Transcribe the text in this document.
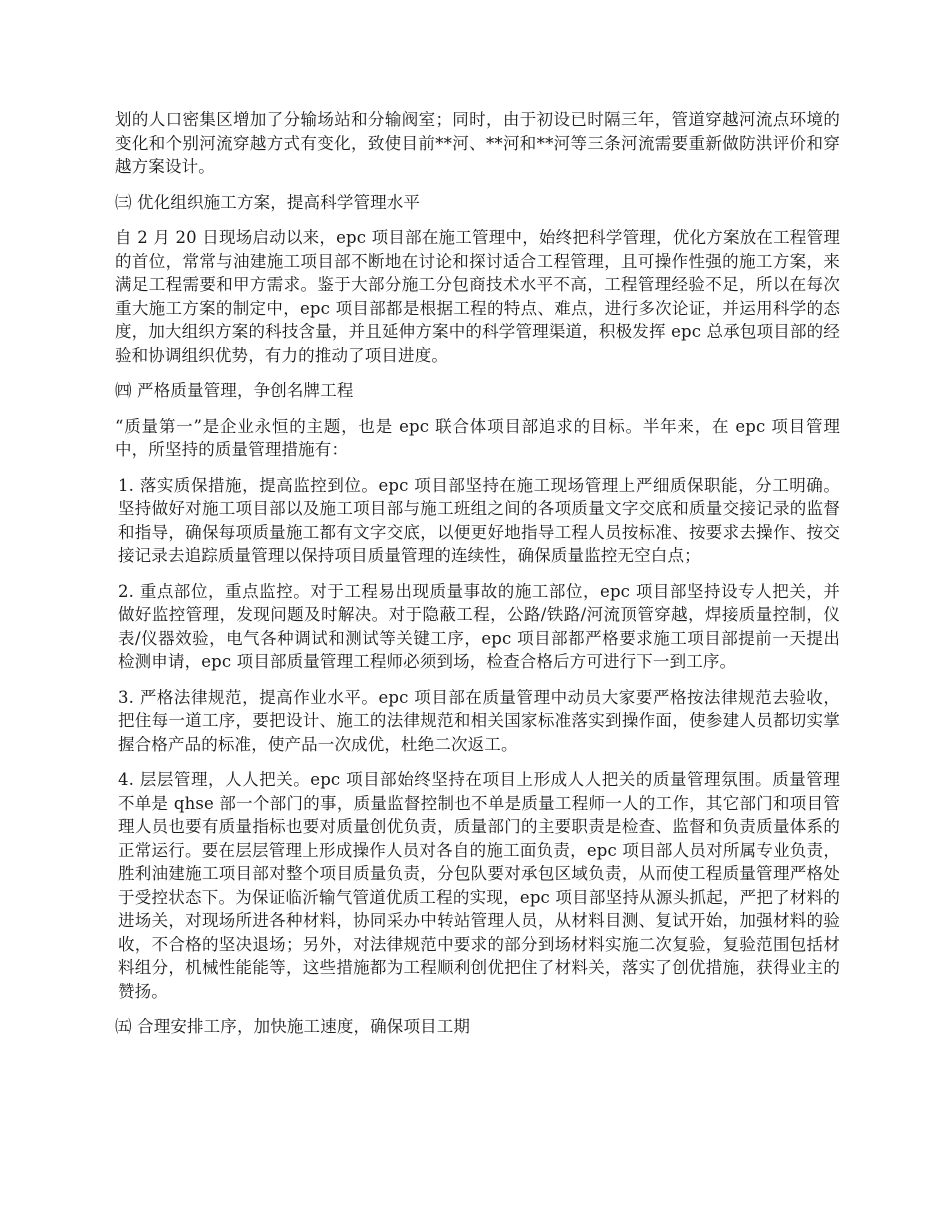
划的人口密集区增加了分输场站和分输阀室；同时，由于初设已时隔三年，管道穿越河流点环境的变化和个别河流穿越方式有变化，致使目前**河、**河和**河等三条河流需要重新做防洪评价和穿越方案设计。

㈢ 优化组织施工方案，提高科学管理水平

自 2 月 20 日现场启动以来，epc 项目部在施工管理中，始终把科学管理，优化方案放在工程管理的首位，常常与油建施工项目部不断地在讨论和探讨适合工程管理，且可操作性强的施工方案，来满足工程需要和甲方需求。鉴于大部分施工分包商技术水平不高，工程管理经验不足，所以在每次重大施工方案的制定中，epc 项目部都是根据工程的特点、难点，进行多次论证，并运用科学的态度，加大组织方案的科技含量，并且延伸方案中的科学管理渠道，积极发挥 epc 总承包项目部的经验和协调组织优势，有力的推动了项目进度。

㈣ 严格质量管理，争创名牌工程

“质量第一”是企业永恒的主题，也是 epc 联合体项目部追求的目标。半年来，在 epc 项目管理中，所坚持的质量管理措施有：

1. 落实质保措施，提高监控到位。epc 项目部坚持在施工现场管理上严细质保职能，分工明确。坚持做好对施工项目部以及施工项目部与施工班组之间的各项质量文字交底和质量交接记录的监督和指导，确保每项质量施工都有文字交底，以便更好地指导工程人员按标准、按要求去操作、按交接记录去追踪质量管理以保持项目质量管理的连续性，确保质量监控无空白点；

2. 重点部位，重点监控。对于工程易出现质量事故的施工部位，epc 项目部坚持设专人把关，并做好监控管理，发现问题及时解决。对于隐蔽工程，公路/铁路/河流顶管穿越，焊接质量控制，仪表/仪器效验，电气各种调试和测试等关键工序，epc 项目部都严格要求施工项目部提前一天提出检测申请，epc 项目部质量管理工程师必须到场，检查合格后方可进行下一到工序。

3. 严格法律规范，提高作业水平。epc 项目部在质量管理中动员大家要严格按法律规范去验收，把住每一道工序，要把设计、施工的法律规范和相关国家标准落实到操作面，使参建人员都切实掌握合格产品的标准，使产品一次成优，杜绝二次返工。

4. 层层管理，人人把关。epc 项目部始终坚持在项目上形成人人把关的质量管理氛围。质量管理不单是 qhse 部一个部门的事，质量监督控制也不单是质量工程师一人的工作，其它部门和项目管理人员也要有质量指标也要对质量创优负责，质量部门的主要职责是检查、监督和负责质量体系的正常运行。要在层层管理上形成操作人员对各自的施工面负责，epc 项目部人员对所属专业负责，胜利油建施工项目部对整个项目质量负责，分包队要对承包区域负责，从而使工程质量管理严格处于受控状态下。为保证临沂输气管道优质工程的实现，epc 项目部坚持从源头抓起，严把了材料的进场关，对现场所进各种材料，协同采办中转站管理人员，从材料目测、复试开始，加强材料的验收，不合格的坚决退场；另外，对法律规范中要求的部分到场材料实施二次复验，复验范围包括材料组分，机械性能能等，这些措施都为工程顺利创优把住了材料关，落实了创优措施，获得业主的赞扬。

㈤ 合理安排工序，加快施工速度，确保项目工期
